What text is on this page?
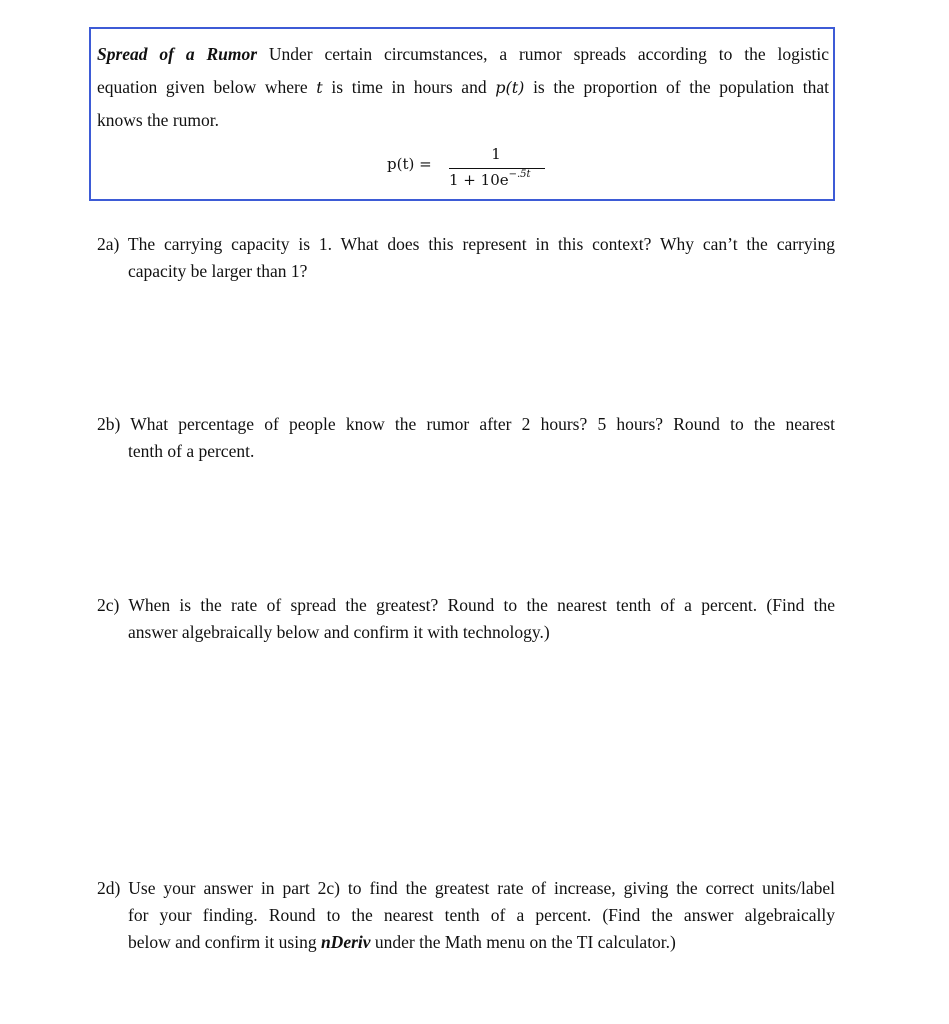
Spread of a Rumor Under certain circumstances, a rumor spreads according to the logistic
equation given below where t is time in hours and p(t) is the proportion of the population that
knows the rumor.
p(t) =
1
$1 + 10e^{-.5t}$
2a) The carrying capacity is 1. What does this represent in this context? Why can’t the carrying
capacity be larger than 1?
2b) What percentage of people know the rumor after 2 hours? 5 hours? Round to the nearest
tenth of a percent.
2c) When is the rate of spread the greatest? Round to the nearest tenth of a percent. (Find the
answer algebraically below and confirm it with technology.)
2d) Use your answer in part 2c) to find the greatest rate of increase, giving the correct units/label
for your finding. Round to the nearest tenth of a percent. (Find the answer algebraically
below and confirm it using nDeriv under the Math menu on the TI calculator.)
